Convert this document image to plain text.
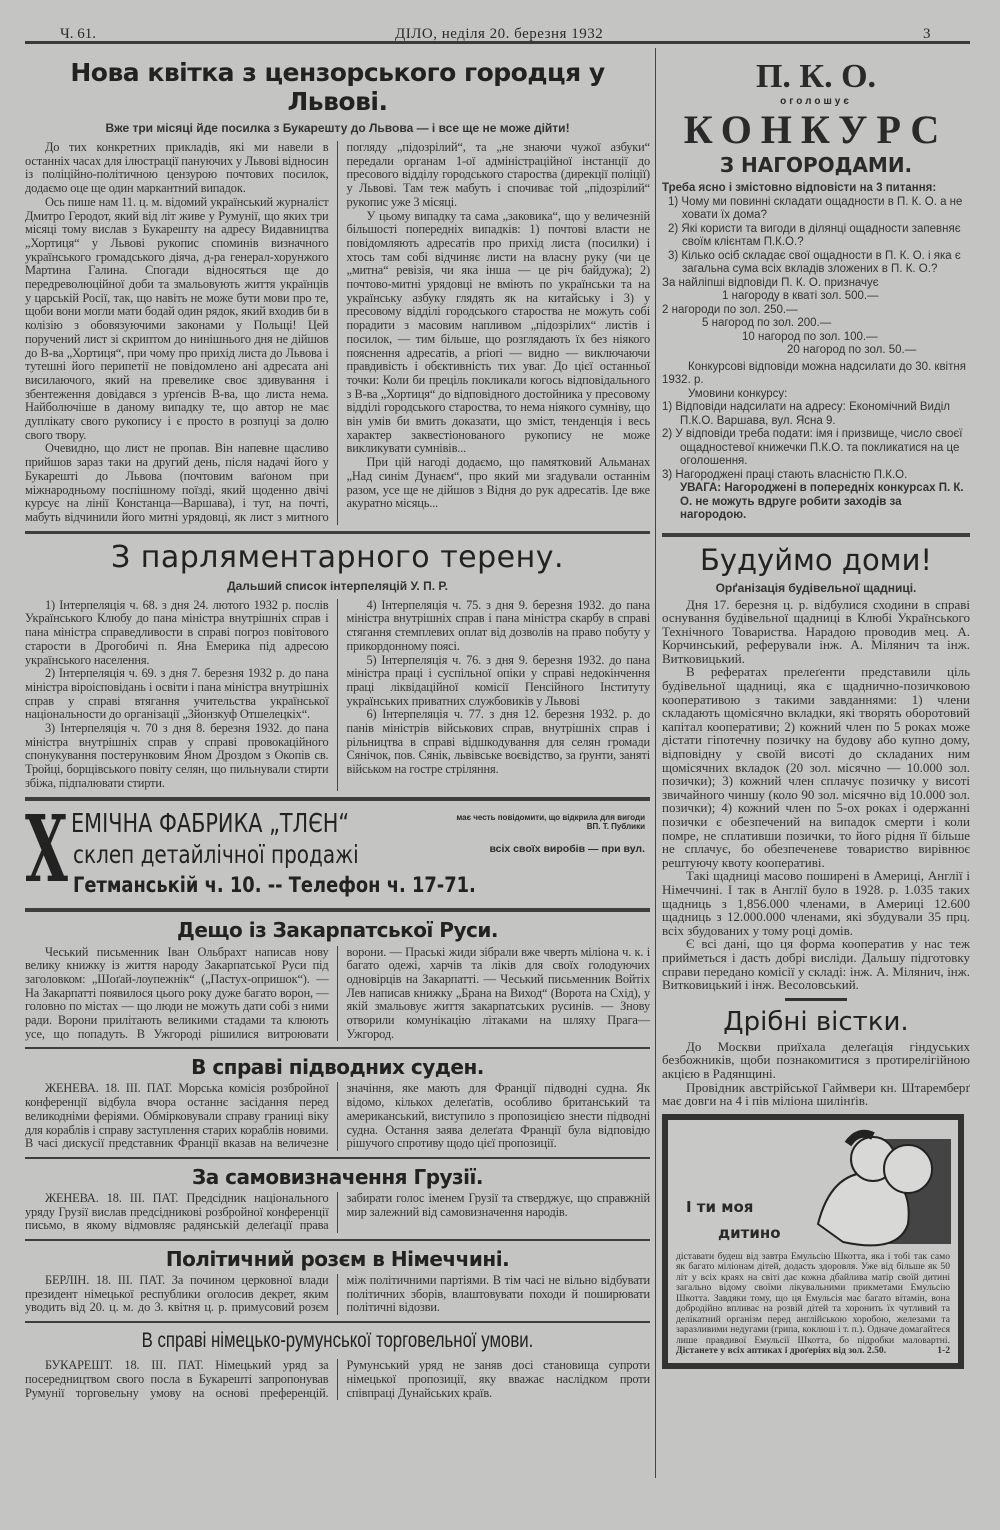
Ч. 61.	ДІЛО, неділя 20. березня 1932	3
Нова квітка з цензорського городця у Львові.
Вже три місяці йде посилка з Букарешту до Львова — і все ще не може дійти!

До тих конкретних прикладів, які ми навели в останніх часах для ілюстрації пануючих у Львові відносин із поліційно-політичною цензурою почтових посилок, додаємо оце ще один маркантний випадок.

Ось пише нам 11. ц. м. відомий український журналіст Дмитро Геродот, який від літ живе у Румунії, що яких три місяці тому вислав з Букарешту на адресу Видавництва „Хортиця“ у Львові рукопис споминів визначного українського громадського діяча, д-ра генерал-хорунжого Мартина Галина. Спогади відносяться ще до передреволюційної доби та змальовують життя українців у царській Росії, так, що навіть не може бути мови про те, щоби вони могли мати бодай один рядок, який входив би в колізію з обовязуючими законами у Польщі! Цей поручений лист зі скриптом до нинішнього дня не дійшов до В-ва „Хортиця“, при чому про прихід листа до Львова і тутешні його перипетії не повідомлено ані адресата ані висилаючого, який на превелике своє здивування і збентеження довідався з урґенсів В-ва, що листа нема. Найболючіше в даному випадку те, що автор не має дуплікату свого рукопису і є просто в розпуці за долю свого твору.

Очевидно, що лист не пропав. Він напевне щасливо прийшов зараз таки на другий день, після надачі його у Букарешті до Львова (почтовим ваґоном при міжнародньому поспішному поїзді, який щоденно двічі курсує на лінії Констанца—Варшава), і тут, на почті, мабуть відчинили його митні урядовці, як лист з митного погляду „підозрілий“, та „не знаючи чужої азбуки“ передали органам 1-ої адміністраційної інстанції до пресового відділу городського староства (дирекції поліції) у Львові. Там теж мабуть і спочиває той „підозрілий“ рукопис уже 3 місяці.

У цьому випадку та сама „заковика“, що у величезній більшості попередніх випадків: 1) почтові власти не повідомляють адресатів про прихід листа (посилки) і хтось там собі відчиняє листи на власну руку (чи це „митна“ ревізія, чи яка інша — це річ байдужа); 2) почтово-митні урядовці не вміють по українськи та на українську азбуку глядять як на китайську і 3) у пресовому відділі городського староства не можуть собі порадити з масовим напливом „підозрілих“ листів і посилок, — тим більше, що розглядають їх без ніякого пояснення адресатів, a priori — видно — виключаючи правдивість і обєктивність тих уваг. До цієї останньої точки: Коли би преціль покликали когось відповідального з В-ва „Хортиця“ до відповідного достойника у пресовому відділі городського староства, то нема ніякого сумніву, що він умів би вмить доказати, що зміст, тенденція і весь характер заквестіонованого рукопису не може викликувати сумнівів...

При цій нагоді додаємо, що памятковий Альманах „Над синім Дунаєм“, про який ми згадували останнім разом, усе ще не дійшов з Відня до рук адресатів. Іде вже акуратно місяць...

З парляментарного терену.
Дальший список інтерпеляцій У. П. Р.

1) Інтерпеляція ч. 68. з дня 24. лютого 1932 р. послів Українського Клюбу до пана міністра внутрішніх справ і пана міністра справедливости в справі погроз повітового старости в Дрогобичі п. Яна Емерика під адресою українського населення.

2) Інтерпеляція ч. 69. з дня 7. березня 1932 р. до пана міністра віроісповідань і освіти і пана міністра внутрішніх справ у справі втягання учительства української національности до організації „Зйонзкуф Отшелецкіх“.

3) Інтерпеляція ч. 70 з дня 8. березня 1932. до пана міністра внутрішніх справ у справі провокаційного спонукування постерунковим Яном Дроздом з Окопів св. Тройці, борщівського повіту селян, що пильнували стирти збіжа, підпалювати стирти.

4) Інтерпеляція ч. 75. з дня 9. березня 1932. до пана міністра внутрішніх справ і пана міністра скарбу в справі стягання стемплевих оплат від дозволів на право побуту у прикордонному поясі.

5) Інтерпеляція ч. 76. з дня 9. березня 1932. до пана міністра праці і суспільної опіки у справі недокінчення праці ліквідаційної комісії Пенсійного Інституту українських приватних службовиків у Львові

6) Інтерпеляція ч. 77. з дня 12. березня 1932. р. до панів міністрів військових справ, внутрішніх справ і рільництва в справі відшкодування для селян громади Сянічок, пов. Сянік, львівське воєвідство, за ґрунти, заняті військом на гостре стріляння.

Х ЕМІЧНА ФАБРИКА „ТЛЄН“	має честь повідомити, що відкрила для вигоди ВП. Т. Публики
склеп детайлічної продажі	всіх своїх виробів — при вул.
Гетманській ч. 10. -- Телефон ч. 17-71.
Дещо із Закарпатської Руси.

Чеський письменник Іван Ольбрахт написав нову велику книжку із життя народу Закарпатської Руси під заголовком: „Шоґай-лоупежнік“ („Пастух-опришок“). — На Закарпатті появилося цього року дуже багато ворон, — головно по містах — що люди не можуть дати собі з ними ради. Ворони прилітають великими стадами та клюють усе, що попадуть. В Ужгороді рішилися витроювати ворони. — Праські жиди зібрали вже чверть міліона ч. к. і багато одежі, харчів та ліків для своїх голодуючих одновірців на Закарпатті. — Чеський письменник Войтіх Лев написав книжку „Брана на Виход“ (Ворота на Схід), у якій змальовує життя закарпатських русинів. — Знову отворили комунікацію літаками на шляху Прага—Ужгород.

В справі підводних суден.

ЖЕНЕВА. 18. III. ПАТ. Морська комісія розбройної конференції відбула вчора останнє засідання перед великодніми феріями. Обмірковували справу границі віку для кораблів і справу заступлення старих кораблів новими. В часі дискусії представник Франції вказав на величезне значіння, яке мають для Франції підводні судна. Як відомо, кількох делеґатів, особливо британський та американський, виступило з пропозицією знести підводні судна. Остання заява делеґата Франції була відповідю рішучого спротиву щодо цієї пропозиції.

За самовизначення Грузії.

ЖЕНЕВА. 18. III. ПАТ. Предсідник національного уряду Грузії вислав предсідникові розбройної конференції письмо, в якому відмовляє радянській делеґації права забирати голос іменем Грузії та стверджує, що справжній мир залежний від самовизначення народів.

Політичний розєм в Німеччині.

БЕРЛІН. 18. III. ПАТ. За почином церковної влади президент німецької республики оголосив декрет, яким уводить від 20. ц. м. до 3. квітня ц. р. примусовий розєм між політичними партіями. В тім часі не вільно відбувати політичних зборів, влаштовувати походи й поширювати політичні відозви.

В справі німецько-румунської торговельної умови.

БУКАРЕШТ. 18. III. ПАТ. Німецький уряд за посередництвом свого посла в Букарешті запропонував Румунії торговельну умову на основі преференцій. Румунський уряд не заняв досі становища супроти німецької пропозиції, яку вважає наслідком проти співпраці Дунайських країв.

П. К. О.
оголошує
КОНКУРС
З НАГОРОДАМИ.
Треба ясно і змістовно відповісти на 3 питання:
1) Чому ми повинні складати ощадности в П. К. О. а не ховати їх дома?
2) Які користи та вигоди в ділянці ощадности запевняє своїм клієнтам П.К.О.?
3) Кілько осіб складає свої ощадности в П. К. О. і яка є загальна сума всіх вкладів зложених в П. К. О.?
За найліпші відповіди П. К. О. призначує
1 нагороду в кваті зол. 500.—
2 нагороди по зол. 250.—
5 нагород по зол. 200.—
10 нагород по зол. 100.—
20 нагород по зол. 50.—
Конкурсові відповіди можна надсилати до 30. квітня 1932. р.
Умовини конкурсу:
1) Відповіди надсилати на адресу: Економічний Виділ П.К.О. Варшава, вул. Ясна 9.
2) У відповіди треба подати: імя і призвище, число своєї ощадностевої книжечки П.К.О. та покликатися на це оголошення.
3) Нагороджені праці стають власністю П.К.О.
УВАГА: Нагороджені в попередніх конкурсах П. К. О. не можуть вдруге робити заходів за нагородою.
Будуймо доми!
Орґанізація будівельної щадниці.

Дня 17. березня ц. р. відбулися сходини в справі оснування будівельної щадниці в Клюбі Українського Технічного Товариства. Нарадою проводив мец. А. Корчинський, реферували інж. А. Мілянич та інж. Витковицький.

В рефератах прелеґенти представили ціль будівельної щадниці, яка є щаднично-позичковою кооперативою з такими завданнями: 1) члени складають щомісячно вкладки, які творять оборотовий капітал кооперативи; 2) кожний член по 5 роках може дістати гіпотечну позичку на будову або купно дому, відповідну у своїй висоті до складаних ним щомісячних вкладок (20 зол. місячно — 10.000 зол. позички); 3) кожний член сплачує позичку у висоті звичайного чиншу (коло 90 зол. місячно від 10.000 зол. позички); 4) кожний член по 5-ох роках і одержанні позички є обезпечений на випадок смерти і коли помре, не сплативши позички, то його рідня її більше не сплачує, бо обезпеченеве товариство вирівнює рештуючу квоту кооперативі.

Такі щадниці масово поширені в Америці, Англії і Німеччині. І так в Англії було в 1928. р. 1.035 таких щадниць з 1,856.000 членами, в Америці 12.600 щадниць з 12.000.000 членами, які збудували 35 прц. всіх збудованих у тому році домів.

Є всі дані, що ця форма кооператив у нас теж прийметься і дасть добрі висліди. Дальшу підготовку справи передано комісії у складі: інж. А. Мілянич, інж. Витковицький і інж. Весоловський.

Дрібні вістки.

До Москви приїхала делеґація гіндуських безбожників, щоби познакомитися з протирелігійною акцією в Радянщині.

Провідник австрійської Гаймвери кн. Штаремберґ має довги на 4 і пів міліона шилінґів.

І ти моя
дитино
діставати будеш від завтра Емульсію Шкотта, яка і тобі так само як багато міліонам дітей, додасть здоровля. Уже від більше як 50 літ у всіх краях на світі дає кожна дбайлива матір своїй дитині загально відому своїми лікувальними прикметами Емульсію Шкотта. Завдяки тому, що ця Емульсія має багато вітамін, вона добродійно впливає на розвій дітей та хоронить їх чутливий та делікатний організм перед англійською хоробою, железами та заразливими недугами (грипа, коклюш і т. п.). Одначе домагайтеся лише правдивої Емульсії Шкотта, бо підробки маловартні. Дістанете у всіх аптиках і дроґеріях від зол. 2.50.	1-2
